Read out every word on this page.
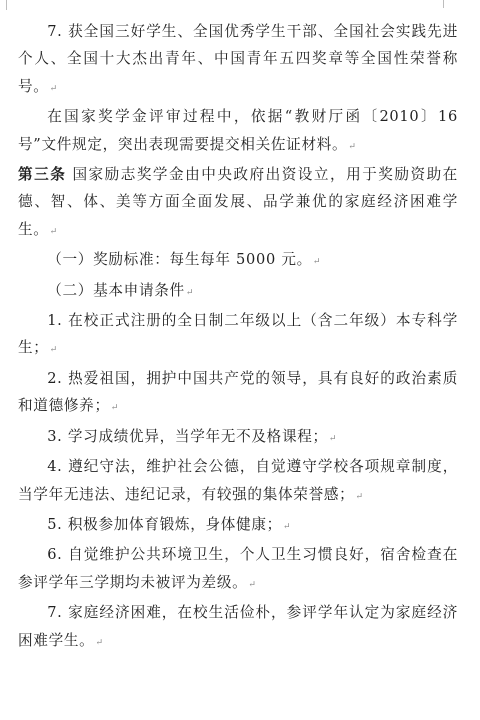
7. 获全国三好学生、全国优秀学生干部、全国社会实践先进个人、全国十大杰出青年、中国青年五四奖章等全国性荣誉称号。↵

在国家奖学金评审过程中，依据“教财厅函〔2010〕16号”文件规定，突出表现需要提交相关佐证材料。↵

第三条 国家励志奖学金由中央政府出资设立，用于奖励资助在德、智、体、美等方面全面发展、品学兼优的家庭经济困难学生。↵

（一）奖励标准：每生每年 5000 元。↵

（二）基本申请条件↵

1. 在校正式注册的全日制二年级以上（含二年级）本专科学生；↵

2. 热爱祖国，拥护中国共产党的领导，具有良好的政治素质和道德修养；↵

3. 学习成绩优异，当学年无不及格课程；↵

4. 遵纪守法，维护社会公德，自觉遵守学校各项规章制度，当学年无违法、违纪记录，有较强的集体荣誉感；↵

5. 积极参加体育锻炼，身体健康；↵

6. 自觉维护公共环境卫生，个人卫生习惯良好，宿舍检查在参评学年三学期均未被评为差级。↵

7. 家庭经济困难，在校生活俭朴，参评学年认定为家庭经济困难学生。↵
